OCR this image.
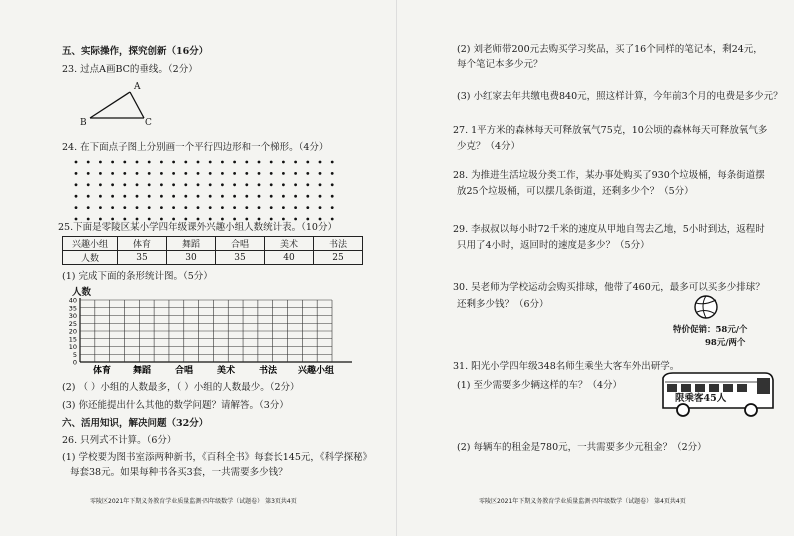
五、实际操作，探究创新（16分）
23. 过点A画BC的垂线。（2分）
A
B	C
24. 在下面点子图上分别画一个平行四边形和一个梯形。（4分）
25.下面是零陵区某小学四年级课外兴趣小组人数统计表。（10分）
兴趣小组	体育	舞蹈	合唱	美术	书法
人数	35	30	35	40	25
(1) 完成下面的条形统计图。（5分）
人数
0
5
10
15
20
25
30
35
40
体育 舞蹈	合唱	美术	书法 兴趣小组
(2) （ ）小组的人数最多，（ ）小组的人数最少。（2分）
(3) 你还能提出什么其他的数学问题？请解答。（3分）
六、活用知识，解决问题（32分）
26. 只列式不计算。（6分）
(1) 学校要为图书室添两种新书，《百科全书》每套长145元，《科学探秘》
每套38元。如果每种书各买3套，一共需要多少钱？
零陵区2021年下期义务教育学业质量监测·四年级数学（试题卷） 第3页共4页
(2) 刘老师带200元去购买学习奖品，买了16个同样的笔记本，剩24元，
每个笔记本多少元？
(3) 小红家去年共缴电费840元，照这样计算，今年前3个月的电费是多少元？
27. 1平方米的森林每天可释放氧气75克，10公顷的森林每天可释放氧气多
少克？（4分）
28. 为推进生活垃圾分类工作，某办事处购买了930个垃圾桶，每条街道摆
放25个垃圾桶，可以摆几条街道，还剩多少个？（5分）
29. 李叔叔以每小时72千米的速度从甲地自驾去乙地，5小时到达，返程时
只用了4小时，返回时的速度是多少？（5分）
30. 吴老师为学校运动会购买排球，他带了460元，最多可以买多少排球？
还剩多少钱？（6分）
特价促销：58元/个
98元/两个
31. 阳光小学四年级348名师生乘坐大客车外出研学。
(1) 至少需要多少辆这样的车？（4分）
限乘客45人
(2) 每辆车的租金是780元，一共需要多少元租金？（2分）
零陵区2021年下期义务教育学业质量监测·四年级数学（试题卷） 第4页共4页
